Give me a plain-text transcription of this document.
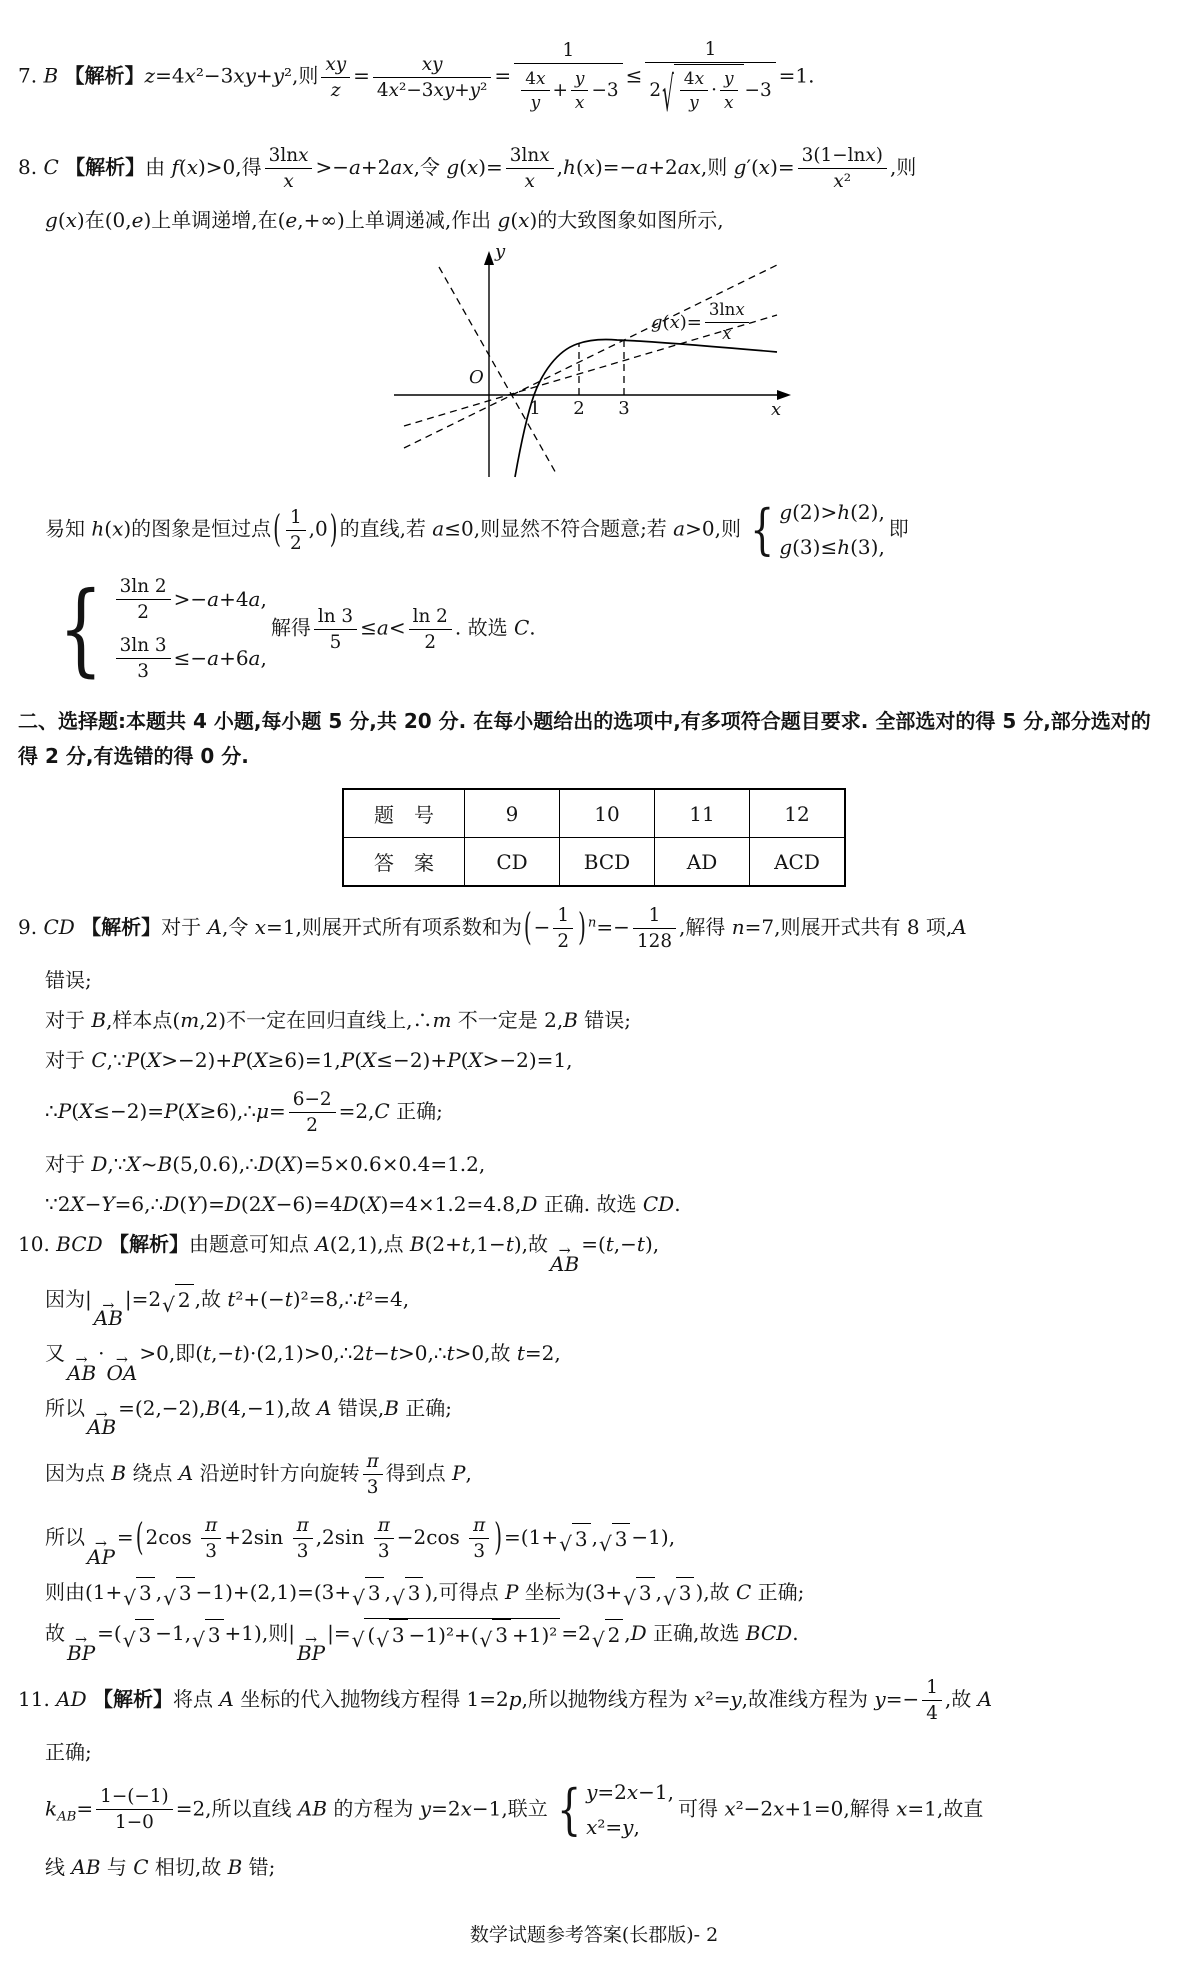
7. B 【解析】z=4x²−3xy+y²,则 $\frac{\text{x y}}{z} = \frac{\text{x y}}{\text{4 x ²−3 x y + y ²}} = 1$
4 x
y
+
y
x
−3 ≤ 1
2 √ 4 x
y
·
y
x
−3 =1.
8. C 【解析】由 f(x)>0,得 $\frac{\text{3ln x}}{x} >-a+2ax$,令 $g(x)= \frac{\text{3ln x}}{x} ,h(x)=-a+2ax$,则 $g'(x)= \frac{\text{3(1−ln x )}}{\text{x ²}}$ ,则
g(x)在(0,e)上单调递增,在(e,+∞)上单调递减,作出 g(x)的大致图象如图所示,
O
y
x
1 2 3
g ( x )=
3ln x
x
易知 h(x)的图象是恒过点 ( $\frac{1}{2} ,0$ ) 的直线,若 a≤0,则显然不符合题意;若 a>0,则 { g (2)> h (2),
g (3)≤ h (3),
即
{ 3ln 2
2
>− a +4 a ,
3ln 3
3
≤− a +6 a ,
解得 $\frac{\ln 3}{5} \le a< \frac{\ln 2}{2}$ . 故选 C.
二、选择题:本题共 4 小题,每小题 5 分,共 20 分. 在每小题给出的选项中,有多项符合题目要求. 全部选对的得 5 分,部分选对的得 2 分,有选错的得 0 分.
题　号	9	10	11	12
答　案	CD	BCD	AD	ACD
9. CD 【解析】对于 A,令 x=1,则展开式所有项系数和为 ( − $\frac{1}{2}$ ) $^n=- \frac{1}{128}$ ,解得 n=7,则展开式共有 8 项,A
错误;
对于 B,样本点(m,2)不一定在回归直线上,∴m 不一定是 2,B 错误;
对于 C,∵P(X>−2)+P(X≥6)=1,P(X≤−2)+P(X>−2)=1,
∴P(X≤−2)=P(X≥6),∴μ= $\frac{6-2}{2} =2,C$ 正确;
对于 D,∵X~B(5,0.6),∴D(X)=5×0.6×0.4=1.2,
∵2X−Y=6,∴D(Y)=D(2X−6)=4D(X)=4×1.2=4.8,D 正确. 故选 CD.
10. BCD 【解析】由题意可知点 A(2,1),点 B(2+t,1−t),故 →
AB
=(t,−t),
因为| →
AB
|=2 √ 2 ,故 t²+(−t)²=8,∴t²=4,
又 →
AB
· →
OA
>0,即(t,−t)·(2,1)>0,∴2t−t>0,∴t>0,故 t=2,
所以 →
AB
=(2,−2),B(4,−1),故 A 错误,B 正确;
因为点 B 绕点 A 沿逆时针方向旋转 $\frac{\pi}{3}$ 得到点 P,
所以 →
AP
= ( $2\cos \frac{\pi}{3} +2\sin \frac{\pi}{3} ,2\sin \frac{\pi}{3} -2\cos \frac{\pi}{3}$ ) =(1+ √ 3 , √ 3 −1),
则由(1+ √ 3 , √ 3 −1)+(2,1)=(3+ √ 3 , √ 3 ),可得点 P 坐标为(3+ √ 3 , √ 3 ),故 C 正确;
故 →
BP
=( √ 3 −1, √ 3 +1),则| →
BP
|= √ ( √ 3 −1)²+( √ 3 +1)² =2 √ 2 ,D 正确,故选 BCD.
11. AD 【解析】将点 A 坐标的代入抛物线方程得 1=2p,所以抛物线方程为 x²=y,故准线方程为 $y=- \frac{1}{4}$ ,故 A
正确;
$k_{AB}= \frac{1-(-1)}{1-0} =2$,所以直线 AB 的方程为 y=2x−1,联立 { y =2 x −1,
x ²= y ,
可得 x²−2x+1=0,解得 x=1,故直
线 AB 与 C 相切,故 B 错;
数学试题参考答案(长郡版)- 2
